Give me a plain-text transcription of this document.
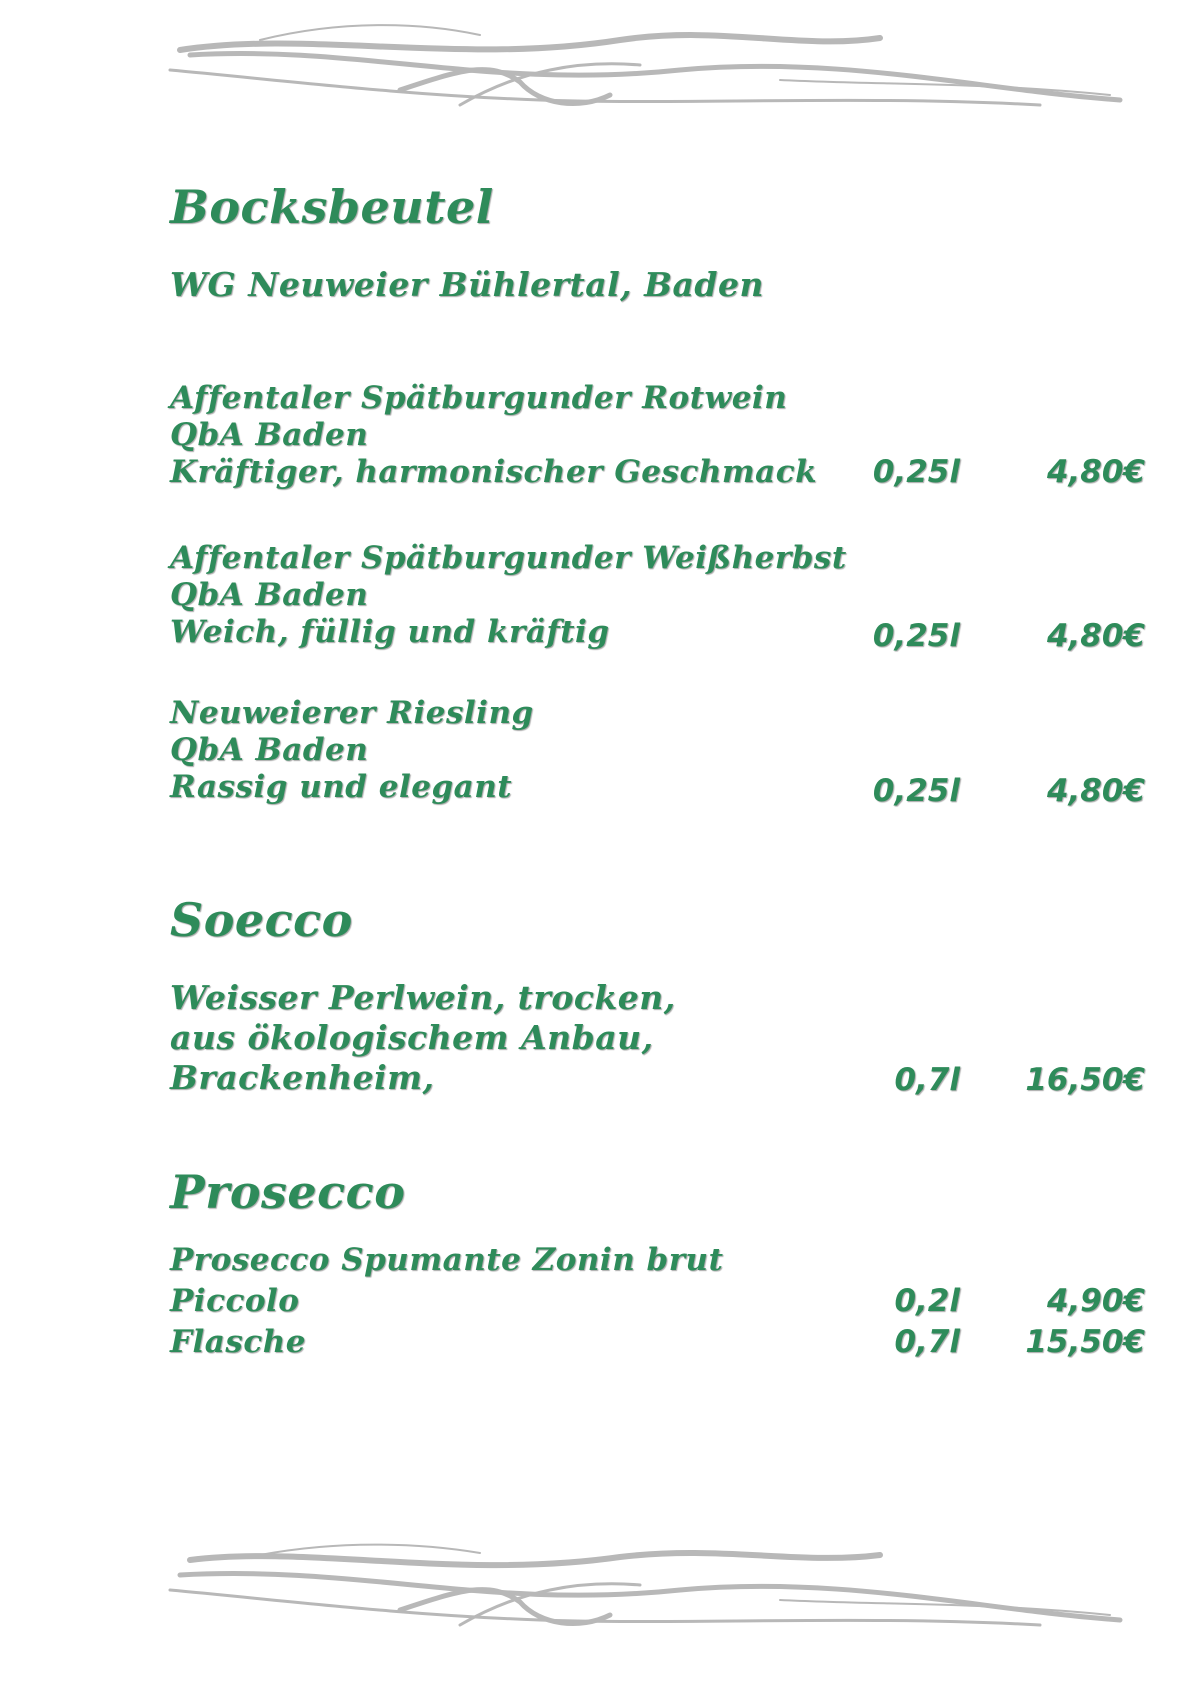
Bocksbeutel
WG Neuweier Bühlertal, Baden
Affentaler Spätburgunder Rotwein
QbA Baden
Kräftiger, harmonischer Geschmack	0,25l	4,80€
Affentaler Spätburgunder Weißherbst
QbA Baden
Weich, füllig und kräftig	0,25l	4,80€
Neuweierer Riesling
QbA Baden
Rassig und elegant	0,25l	4,80€
Soecco
Weisser Perlwein, trocken,
aus ökologischem Anbau,
Brackenheim,	0,7l	16,50€
Prosecco
Prosecco Spumante Zonin brut
Piccolo	0,2l	4,90€
Flasche	0,7l	15,50€
